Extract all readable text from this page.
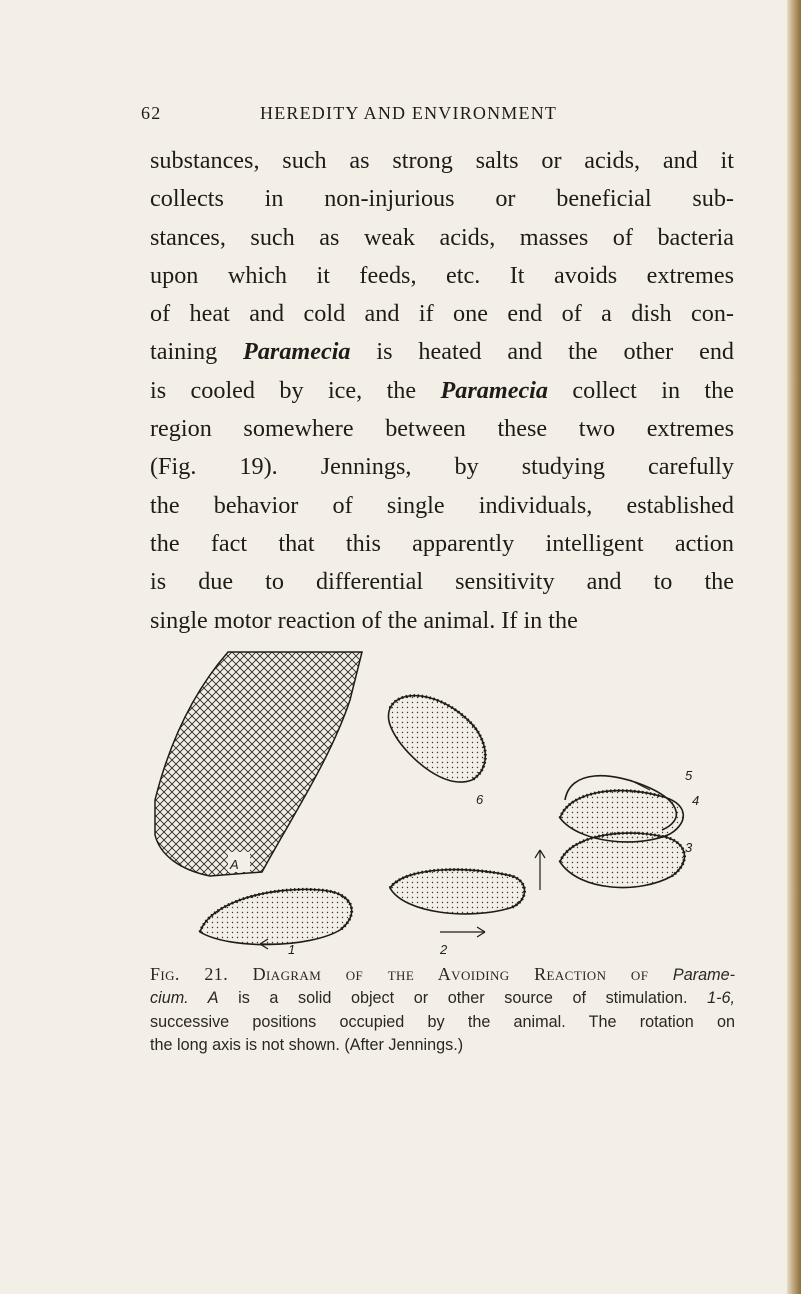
62	HEREDITY AND ENVIRONMENT
substances, such as strong salts or acids, and it
collects in non-injurious or beneficial sub-
stances, such as weak acids, masses of bacteria
upon which it feeds, etc. It avoids extremes
of heat and cold and if one end of a dish con-
taining Paramecia is heated and the other end
is cooled by ice, the Paramecia collect in the
region somewhere between these two extremes
(Fig. 19). Jennings, by studying carefully
the behavior of single individuals, established
the fact that this apparently intelligent action
is due to differential sensitivity and to the
single motor reaction of the animal. If in the
A
1	2
6
3
4
5
Fig. 21. Diagram of the Avoiding Reaction of Parame-
cium. A is a solid object or other source of stimulation. 1-6,
successive positions occupied by the animal. The rotation on
the long axis is not shown. (After Jennings.)
